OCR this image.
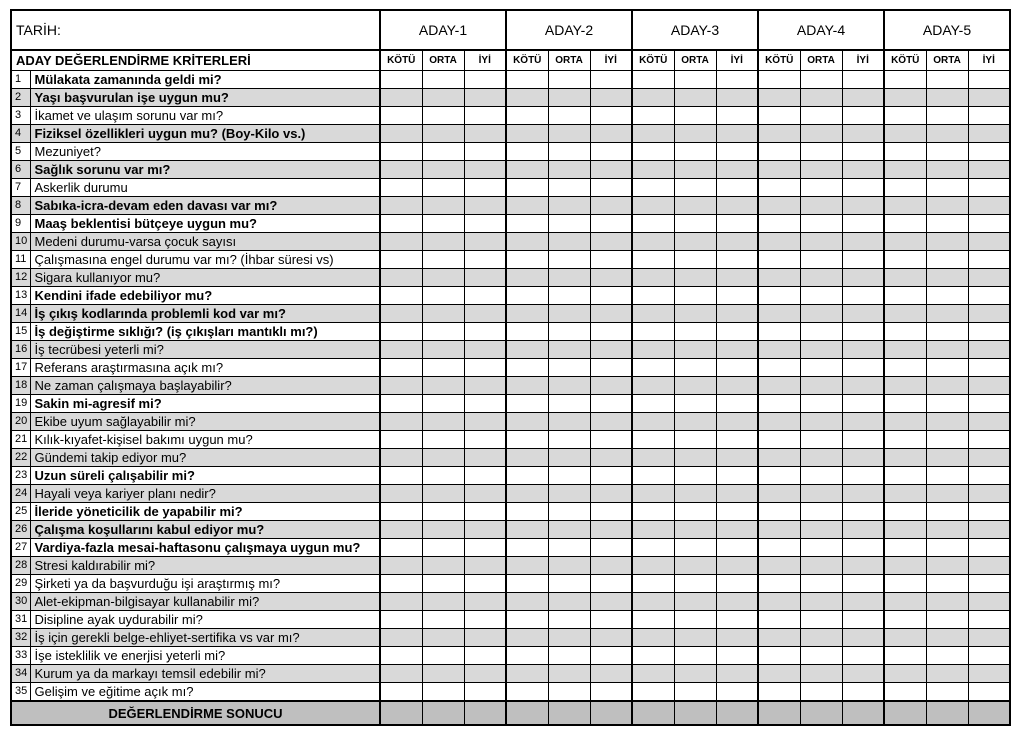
TARİH:		ADAY-1			ADAY-2			ADAY-3			ADAY-4			ADAY-5		
ADAY DEĞERLENDİRME KRİTERLERİ		KÖTÜ	ORTA	İYİ	KÖTÜ	ORTA	İYİ	KÖTÜ	ORTA	İYİ	KÖTÜ	ORTA	İYİ	KÖTÜ	ORTA	İYİ
1	Mülakata zamanında geldi mi?															
2	Yaşı başvurulan işe uygun mu?															
3	İkamet ve ulaşım sorunu var mı?															
4	Fiziksel özellikleri uygun mu? (Boy-Kilo vs.)															
5	Mezuniyet?															
6	Sağlık sorunu var mı?															
7	Askerlik durumu															
8	Sabıka-icra-devam eden davası var mı?															
9	Maaş beklentisi bütçeye uygun mu?															
10	Medeni durumu-varsa çocuk sayısı															
11	Çalışmasına engel durumu var mı? (İhbar süresi vs)															
12	Sigara kullanıyor mu?															
13	Kendini ifade edebiliyor mu?															
14	İş çıkış kodlarında problemli kod var mı?															
15	İş değiştirme sıklığı? (iş çıkışları mantıklı mı?)															
16	İş tecrübesi yeterli mi?															
17	Referans araştırmasına açık mı?															
18	Ne zaman çalışmaya başlayabilir?															
19	Sakin mi-agresif mi?															
20	Ekibe uyum sağlayabilir mi?															
21	Kılık-kıyafet-kişisel bakımı uygun mu?															
22	Gündemi takip ediyor mu?															
23	Uzun süreli çalışabilir mi?															
24	Hayali veya kariyer planı nedir?															
25	İleride yöneticilik de yapabilir mi?															
26	Çalışma koşullarını kabul ediyor mu?															
27	Vardiya-fazla mesai-haftasonu çalışmaya uygun mu?															
28	Stresi kaldırabilir mi?															
29	Şirketi ya da başvurduğu işi araştırmış mı?															
30	Alet-ekipman-bilgisayar kullanabilir mi?															
31	Disipline ayak uydurabilir mi?															
32	İş için gerekli belge-ehliyet-sertifika vs var mı?															
33	İşe isteklilik ve enerjisi yeterli mi?															
34	Kurum ya da markayı temsil edebilir mi?															
35	Gelişim ve eğitime açık mı?															
DEĞERLENDİRME SONUCU																
